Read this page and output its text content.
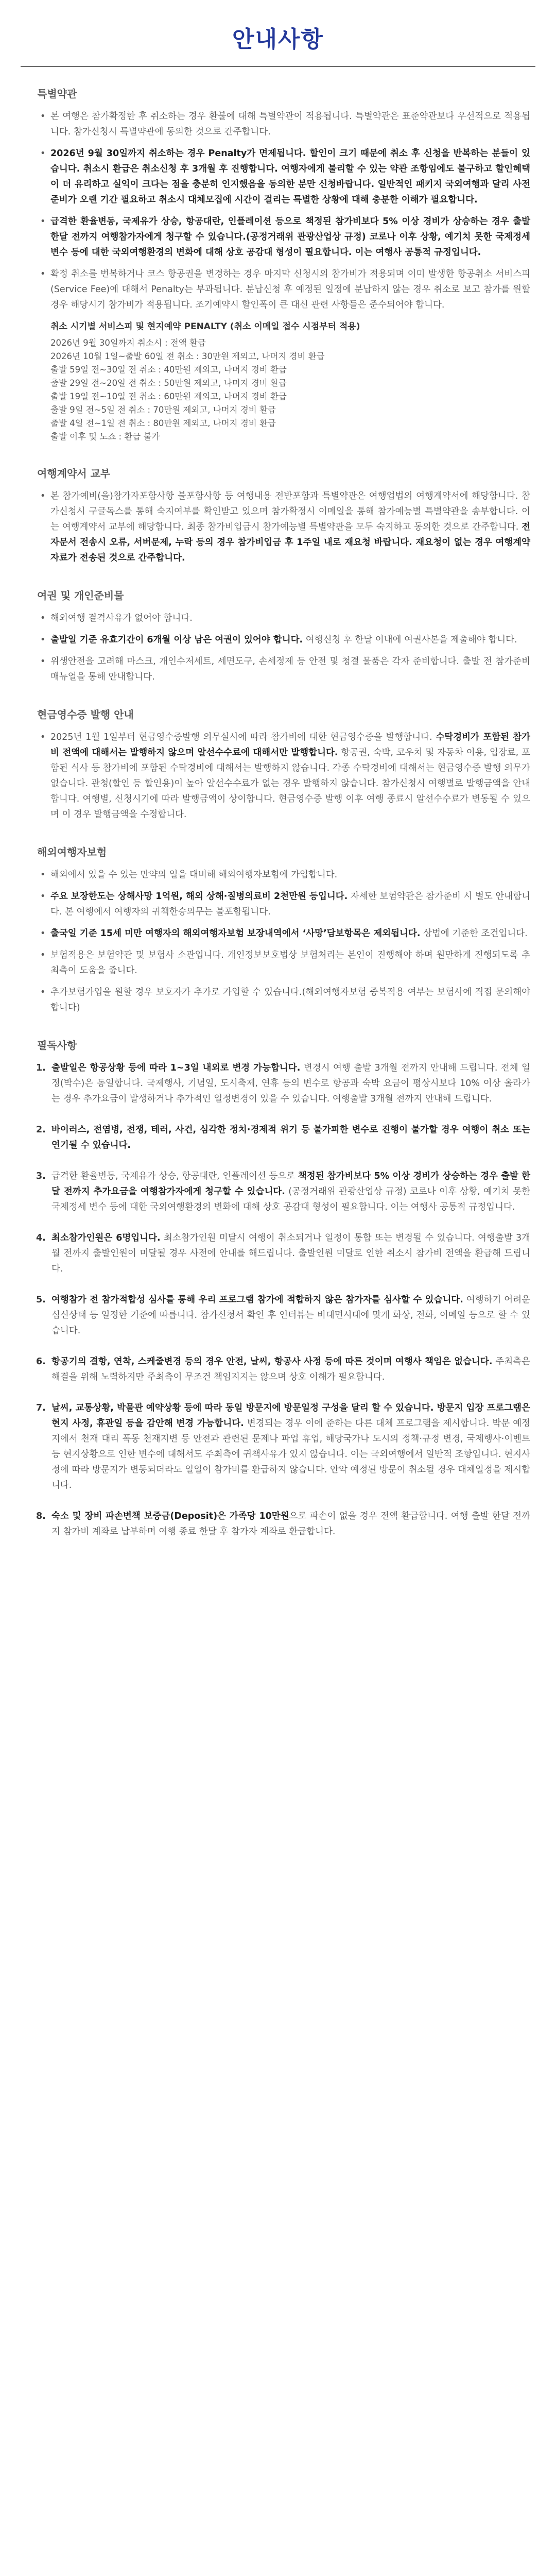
안내사항
특별약관
• 본 여행은 참가확정한 후 취소하는 경우 환불에 대해 특별약관이 적용됩니다. 특별약관은 표준약관보다 우선적으로 적용됩니다. 참가신청시 특별약관에 동의한 것으로 간주합니다.
• 2026년 9월 30일까지 취소하는 경우 Penalty가 면제됩니다. 할인이 크기 때문에 취소 후 신청을 반복하는 분들이 있습니다. 취소시 환급은 취소신청 후 3개월 후 진행합니다. 여행자에게 불리할 수 있는 약관 조항임에도 불구하고 할인혜택이 더 유리하고 실익이 크다는 점을 충분히 인지했음을 동의한 분만 신청바랍니다. 일반적인 패키지 국외여행과 달리 사전 준비가 오랜 기간 필요하고 취소시 대체모집에 시간이 걸리는 특별한 상황에 대해 충분한 이해가 필요합니다.
• 급격한 환율변동, 국제유가 상승, 항공대란, 인플레이션 등으로 책정된 참가비보다 5% 이상 경비가 상승하는 경우 출발 한달 전까지 여행참가자에게 청구할 수 있습니다.(공정거래위 관광산업상 규정) 코로나 이후 상황, 예기치 못한 국제정세 변수 등에 대한 국외여행환경의 변화에 대해 상호 공감대 형성이 필요합니다. 이는 여행사 공통적 규정입니다.
• 확정 취소를 번복하거나 코스 항공권을 변경하는 경우 마지막 신청시의 참가비가 적용되며 이미 발생한 항공취소 서비스피(Service Fee)에 대해서 Penalty는 부과됩니다. 분납신청 후 예정된 일정에 분납하지 않는 경우 취소로 보고 참가를 원할 경우 해당시기 참가비가 적용됩니다. 조기예약시 할인폭이 큰 대신 관련 사항들은 준수되어야 합니다.
취소 시기별 서비스피 및 현지예약 PENALTY (취소 이메일 접수 시점부터 적용)
2026년 9월 30일까지 취소시 : 전액 환급
2026년 10월 1일~출발 60일 전 취소 : 30만원 제외고, 나머지 경비 환급
출발 59일 전~30일 전 취소 : 40만원 제외고, 나머지 경비 환급
출발 29일 전~20일 전 취소 : 50만원 제외고, 나머지 경비 환급
출발 19일 전~10일 전 취소 : 60만원 제외고, 나머지 경비 환급
출발 9일 전~5일 전 취소 : 70만원 제외고, 나머지 경비 환급
출발 4일 전~1일 전 취소 : 80만원 제외고, 나머지 경비 환급
출발 이후 및 노쇼 : 환급 불가
여행계약서 교부
• 본 참가예비(을)참가자포함사항 불포함사항 등 여행내용 전반포함과 특별약관은 여행업법의 여행계약서에 해당합니다. 참가신청시 구글독스를 통해 숙지여부를 확인받고 있으며 참가확정시 이메일을 통해 참가예능별 특별약관을 송부합니다. 이는 여행계약서 교부에 해당합니다. 최종 참가비입금시 참가예능별 특별약관을 모두 숙지하고 동의한 것으로 간주합니다. 전자문서 전송시 오류, 서버문제, 누락 등의 경우 참가비입금 후 1주일 내로 재요청 바랍니다. 재요청이 없는 경우 여행계약 자료가 전송된 것으로 간주합니다.
여권 및 개인준비물
• 해외여행 결격사유가 없어야 합니다.
• 출발일 기준 유효기간이 6개월 이상 남은 여권이 있어야 합니다. 여행신청 후 한달 이내에 여권사본을 제출해야 합니다.
• 위생안전을 고려해 마스크, 개인수저세트, 세면도구, 손세정제 등 안전 및 청결 물품은 각자 준비합니다. 출발 전 참가준비 매뉴얼을 통해 안내합니다.
현금영수증 발행 안내
• 2025년 1월 1일부터 현금영수증발행 의무실시에 따라 참가비에 대한 현금영수증을 발행합니다. 수탁경비가 포함된 참가비 전액에 대해서는 발행하지 않으며 알선수수료에 대해서만 발행합니다. 항공권, 숙박, 코우치 및 자동차 이용, 입장료, 포함된 식사 등 참가비에 포함된 수탁경비에 대해서는 발행하지 않습니다. 각종 수탁경비에 대해서는 현금영수증 발행 의무가 없습니다. 관청(할인 등 할인용)이 높아 알선수수료가 없는 경우 발행하지 않습니다. 참가신청시 여행별로 발행금액을 안내합니다. 여행별, 신청시기에 따라 발행금액이 상이합니다. 현금영수증 발행 이후 여행 종료시 알선수수료가 변동될 수 있으며 이 경우 발행금액을 수정합니다.
해외여행자보험
• 해외에서 있을 수 있는 만약의 일을 대비해 해외여행자보험에 가입합니다.
• 주요 보장한도는 상해사망 1억원, 해외 상해·질병의료비 2천만원 등입니다. 자세한 보험약관은 참가준비 시 별도 안내합니다. 본 여행에서 여행자의 귀책한승의무는 불포함됩니다.
• 출국일 기준 15세 미만 여행자의 해외여행자보험 보장내역에서 ‘사망’담보항목은 제외됩니다. 상법에 기준한 조건입니다.
• 보험적용은 보험약관 및 보험사 소관입니다. 개인정보보호법상 보험처리는 본인이 진행해야 하며 원만하게 진행되도록 추최측이 도움을 줍니다.
• 추가보험가입을 원할 경우 보호자가 추가로 가입할 수 있습니다.(해외여행자보험 중복적용 여부는 보험사에 직접 문의해야 합니다)
필독사항
1. 출발일은 항공상황 등에 따라 1~3일 내외로 변경 가능합니다. 변경시 여행 출발 3개월 전까지 안내해 드립니다. 전체 일정(박수)은 동일합니다. 국제행사, 기념일, 도시축제, 연휴 등의 변수로 항공과 숙박 요금이 평상시보다 10% 이상 올라가는 경우 추가요금이 발생하거나 추가적인 일정변경이 있을 수 있습니다. 여행출발 3개월 전까지 안내해 드립니다.
2. 바이러스, 전염병, 전쟁, 테러, 사건, 심각한 정치·경제적 위기 등 불가피한 변수로 진행이 불가할 경우 여행이 취소 또는 연기될 수 있습니다.
3. 급격한 환율변동, 국제유가 상승, 항공대란, 인플레이션 등으로 책정된 참가비보다 5% 이상 경비가 상승하는 경우 출발 한 달 전까지 추가요금을 여행참가자에게 청구할 수 있습니다. (공정거래위 관광산업상 규정) 코로나 이후 상황, 예기치 못한 국제정세 변수 등에 대한 국외여행환경의 변화에 대해 상호 공감대 형성이 필요합니다. 이는 여행사 공통적 규정입니다.
4. 최소참가인원은 6명입니다. 최소참가인원 미달시 여행이 취소되거나 일정이 통합 또는 변경될 수 있습니다. 여행출발 3개월 전까지 출발인원이 미달될 경우 사전에 안내를 해드립니다. 출발인원 미달로 인한 취소시 참가비 전액을 환급해 드립니다.
5. 여행참가 전 참가적합성 심사를 통해 우리 프로그램 참가에 적합하지 않은 참가자를 심사할 수 있습니다. 여행하기 어려운 심신상태 등 일정한 기준에 따릅니다. 참가신청서 확인 후 인터뷰는 비대면시대에 맞게 화상, 전화, 이메일 등으로 할 수 있습니다.
6. 항공기의 결항, 연착, 스케줄변경 등의 경우 안전, 날씨, 항공사 사정 등에 따른 것이며 여행사 책임은 없습니다. 주최측은 해결을 위해 노력하지만 주최측이 무조건 책임지지는 않으며 상호 이해가 필요합니다.
7. 날씨, 교통상황, 박물관 예약상황 등에 따라 동일 방문지에 방문일정 구성을 달리 할 수 있습니다. 방문지 입장 프로그램은 현지 사정, 휴관일 등을 감안해 변경 가능합니다. 변경되는 경우 이에 준하는 다른 대체 프로그램을 제시합니다. 박문 예정지에서 천재 대리 폭동 천재지변 등 안전과 관련된 문제나 파업 휴업, 해당국가나 도시의 정책·규정 변경, 국제행사·이벤트 등 현지상황으로 인한 변수에 대해서도 주최측에 귀책사유가 있지 않습니다. 이는 국외여행에서 일반적 조항입니다. 현지사정에 따라 방문지가 변동되더라도 일일이 참가비를 환급하지 않습니다. 안악 예정된 방문이 취소될 경우 대체일정을 제시합니다.
8. 숙소 및 장비 파손변책 보증금(Deposit)은 가족당 10만원으로 파손이 없을 경우 전액 환급합니다. 여행 출발 한달 전까지 참가비 계좌로 납부하며 여행 종료 한달 후 참가자 계좌로 환급합니다.
